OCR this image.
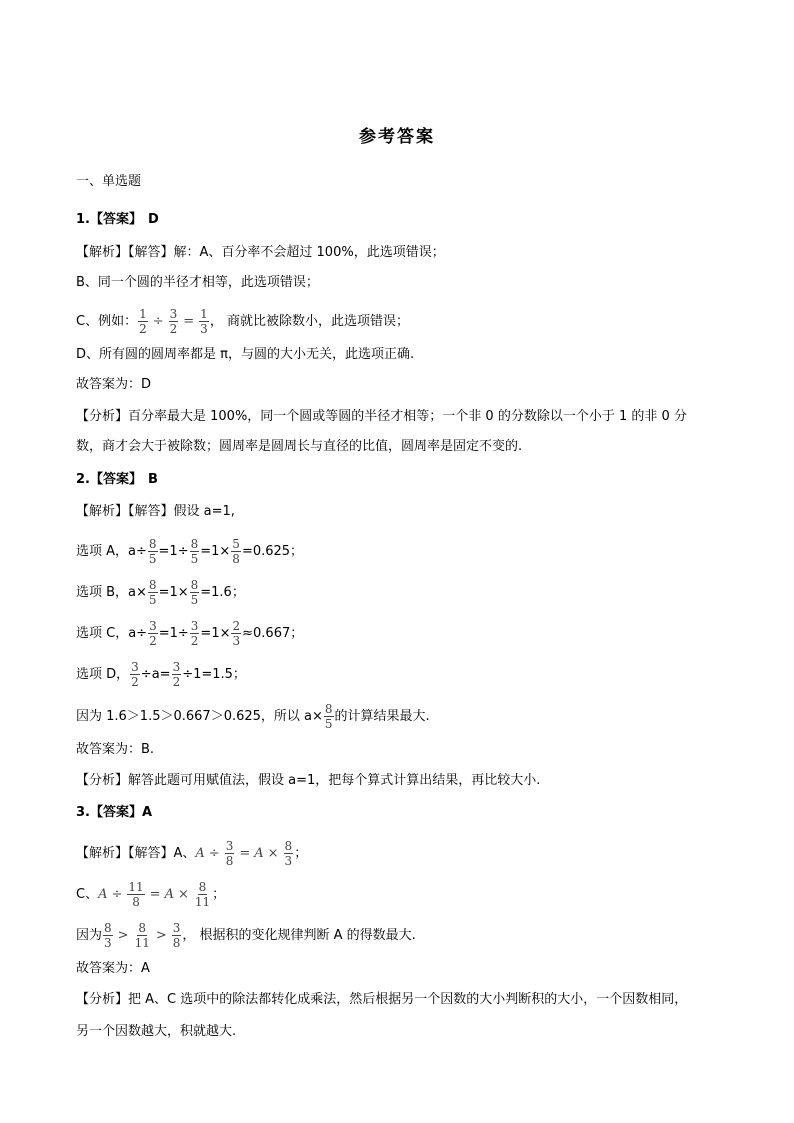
参考答案
一、单选题
1.【答案】 D
【解析】【解答】解：A、百分率不会超过 100%，此选项错误；
B、同一个圆的半径才相等，此选项错误；
C、例如： $\frac{1}{2} \div \frac{3}{2} = \frac{1}{3}$ ， 商就比被除数小，此选项错误；
D、所有圆的圆周率都是 π，与圆的大小无关，此选项正确.
故答案为：D
【分析】百分率最大是 100%，同一个圆或等圆的半径才相等；一个非 0 的分数除以一个小于 1 的非 0 分
数，商才会大于被除数；圆周率是圆周长与直径的比值，圆周率是固定不变的.
2.【答案】 B
【解析】【解答】假设 a=1,
选项 A，$a\div \frac{8}{5} =1\div \frac{8}{5} =1\times \frac{5}{8} =0.625$；
选项 B，$a\times \frac{8}{5} =1\times \frac{8}{5} =1.6$；
选项 C，$a\div \frac{3}{2} =1\div \frac{3}{2} =1\times \frac{2}{3} \approx 0.667$；
选项 D， $\frac{3}{2} \div a= \frac{3}{2} \div 1=1.5$；
因为 1.6＞1.5＞0.667＞0.625，所以 $a\times \frac{8}{5}$ 的计算结果最大.
故答案为：B.
【分析】解答此题可用赋值法，假设 a=1，把每个算式计算出结果，再比较大小.
3.【答案】 A
【解析】【解答】A、 $A \div \frac{3}{8} = A \times \frac{8}{3}$ ；
C、 $A \div \frac{11}{8} = A \times \frac{8}{11}$ ；
因为 $\frac{8}{3} > \frac{8}{11} > \frac{3}{8}$ ， 根据积的变化规律判断 A 的得数最大.
故答案为：A
【分析】把 A、C 选项中的除法都转化成乘法，然后根据另一个因数的大小判断积的大小，一个因数相同，
另一个因数越大，积就越大.
